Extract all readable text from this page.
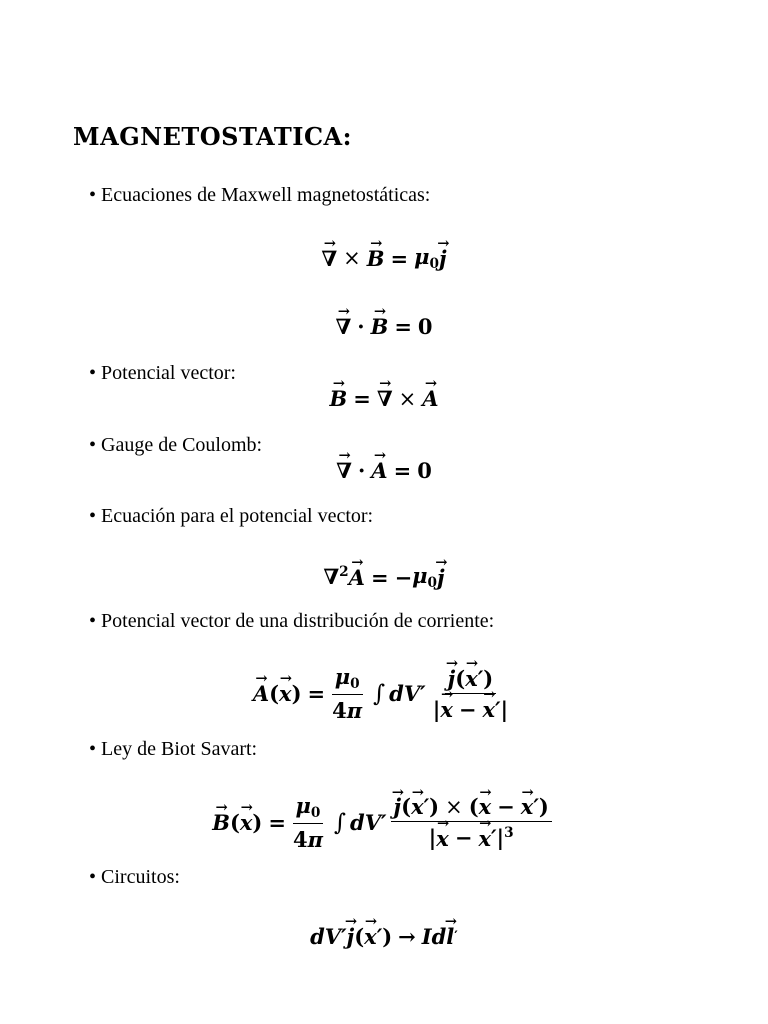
MAGNETOSTATICA:
• Ecuaciones de Maxwell magnetostáticas:
→ ∇ ×
→ $B = \mu_0$
→ j
→ ∇ ·
→ B = 0
• Potencial vector:
→ B =
→ ∇ ×
→ A
• Gauge de Coulomb:
→ ∇ ·
→ A = 0
• Ecuación para el potencial vector:
∇$^2$
→ A = − $\mu_0$
→ j
• Potencial vector de una distribución de corriente:
→ A (
→ x ) = $\frac{\mu_0}{4\pi}$ ∫ dV′
→ $\frac{j(\to x')}{|\to x -\to x'|}$
• Ley de Biot Savart:
→ B (
→ x ) = $\frac{\mu_0}{4\pi}$ ∫ dV′
→ $\frac{j(\to x') \times (\to x -\to x')}{|\to x -\to x'|^3}$
• Circuitos:
dV′
→ j (
→ x ′ ) → I d
→ l ′
